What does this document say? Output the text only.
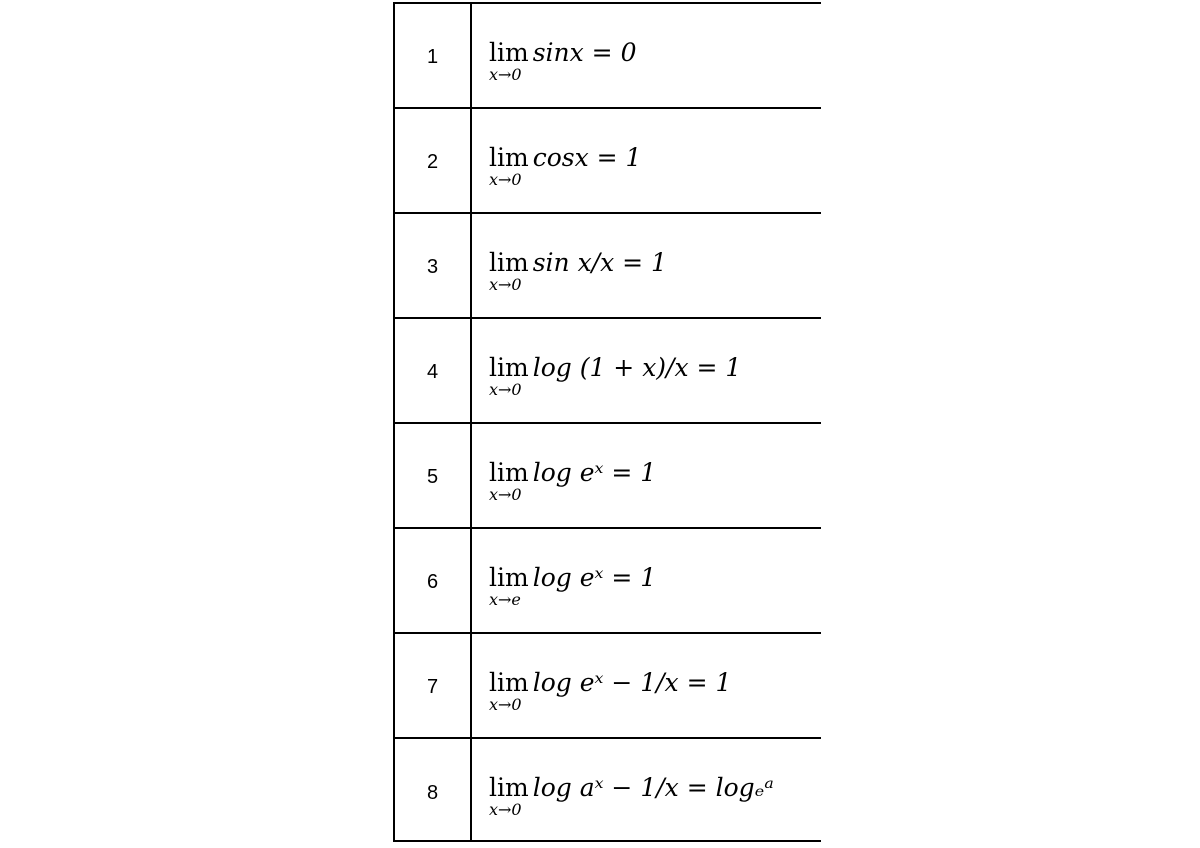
1	lim
x→0
sinx = 0
2	lim
x→0
cosx = 1
3	lim
x→0
sin x/x = 1
4	lim
x→0
log (1 + x)/x = 1
5	lim
x→0
log eˣ = 1
6	lim
x→e
log eˣ = 1
7	lim
x→0
log eˣ − 1/x = 1
8	lim
x→0
log aˣ − 1/x = logₑᵃ
